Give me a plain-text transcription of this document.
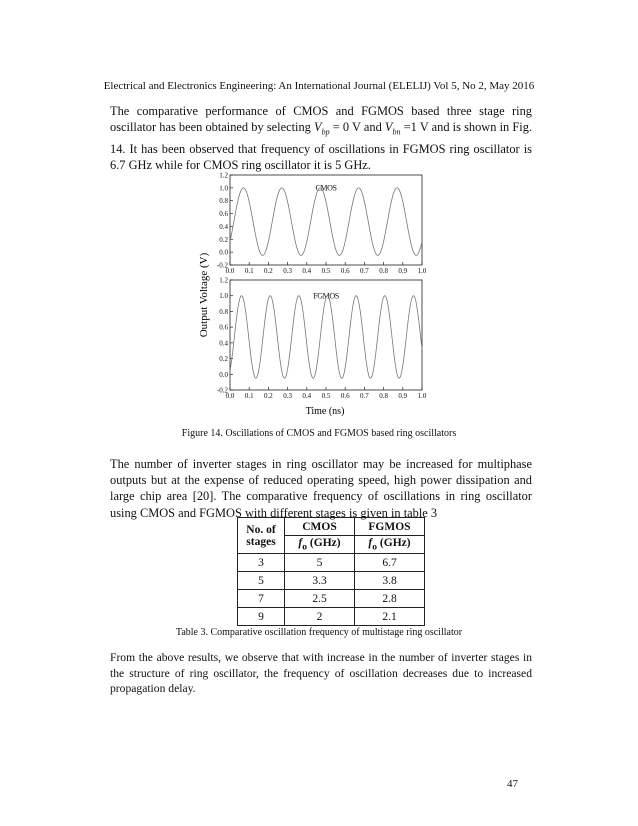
Electrical and Electronics Engineering: An International Journal (ELELIJ) Vol 5, No 2, May 2016

The comparative performance of CMOS and FGMOS based three stage ring oscillator has been obtained by selecting $V_{bp} = 0$ V and $V_{bn} =1$ V and is shown in Fig. 14. It has been observed that frequency of oscillations in FGMOS ring oscillator is 6.7 GHz while for CMOS ring oscillator it is 5 GHz.

-0.2
0.0
0.2
0.4
0.6
0.8
1.0
1.2
0.0 0.1 0.2 0.3 0.4 0.5 0.6 0.7 0.8 0.9 1.0
CMOS
-0.2
0.0
0.2
0.4
0.6
0.8
1.0
1.2
0.0 0.1 0.2 0.3 0.4 0.5 0.6 0.7 0.8 0.9 1.0
FGMOS
Output Voltage (V)
Time (ns)
Figure 14. Oscillations of CMOS and FGMOS based ring oscillators

The number of inverter stages in ring oscillator may be increased for multiphase outputs but at the expense of reduced operating speed, high power dissipation and large chip area [20]. The comparative frequency of oscillations in ring oscillator using CMOS and FGMOS with different stages is given in table 3

No. of stages	CMOS	FGMOS
	$f_o$ (GHz)	$f_o$ (GHz)
3	5	6.7
5	3.3	3.8
7	2.5	2.8
9	2	2.1
Table 3. Comparative oscillation frequency of multistage ring oscillator

From the above results, we observe that with increase in the number of inverter stages in the structure of ring oscillator, the frequency of oscillation decreases due to increased propagation delay.

47
